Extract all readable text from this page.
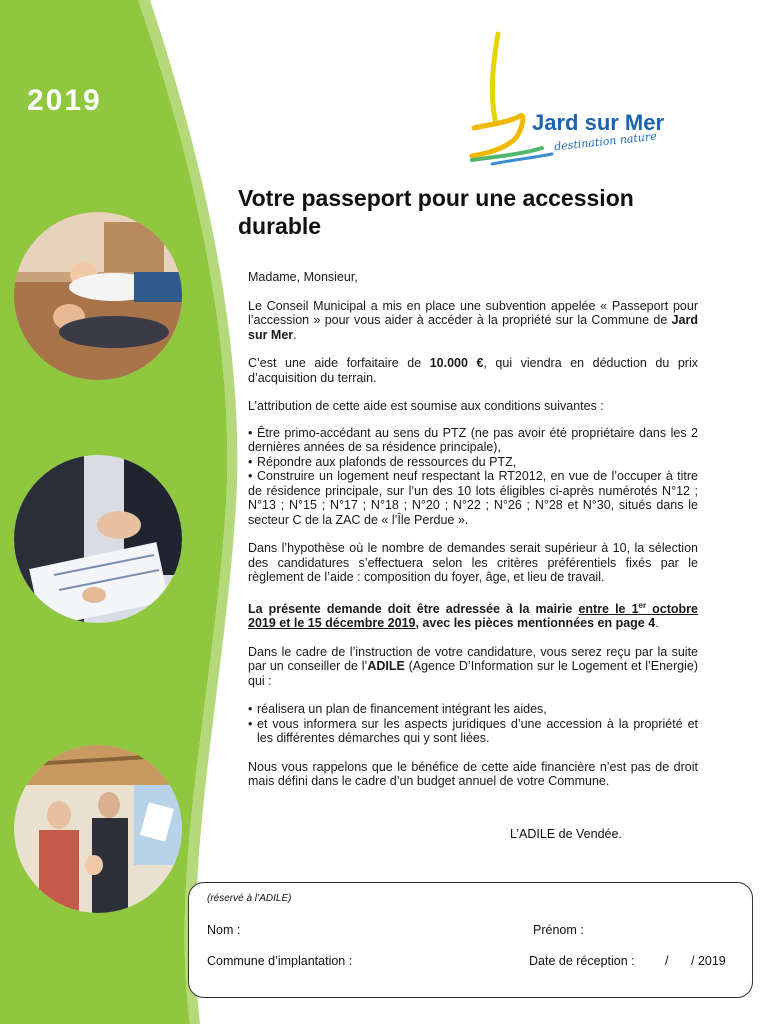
2019
Jard sur Mer
destination nature
Votre passeport pour une accession durable

Madame, Monsieur,

Le Conseil Municipal a mis en place une subvention appelée « Passeport pour l’accession » pour vous aider à accéder à la propriété sur la Commune de Jard sur Mer.

C’est une aide forfaitaire de 10.000 €, qui viendra en déduction du prix d’acquisition du terrain.

L’attribution de cette aide est soumise aux conditions suivantes :

• Être primo-accédant au sens du PTZ (ne pas avoir été propriétaire dans les 2 dernières années de sa résidence principale),
• Répondre aux plafonds de ressources du PTZ,
• Construire un logement neuf respectant la RT2012, en vue de l’occuper à titre de résidence principale, sur l’un des 10 lots éligibles ci-après numérotés N°12 ; N°13 ; N°15 ; N°17 ; N°18 ; N°20 ; N°22 ; N°26 ; N°28 et N°30, situés dans le secteur C de la ZAC de « l’Île Perdue ».

Dans l’hypothèse où le nombre de demandes serait supérieur à 10, la sélection des candidatures s’effectuera selon les critères préférentiels fixés par le règlement de l’aide : composition du foyer, âge, et lieu de travail.

La présente demande doit être adressée à la mairie entre le 1er octobre 2019 et le 15 décembre 2019, avec les pièces mentionnées en page 4.

Dans le cadre de l’instruction de votre candidature, vous serez reçu par la suite par un conseiller de l’ADILE (Agence D’Information sur le Logement et l’Energie) qui :

• réalisera un plan de financement intégrant les aides,
• et vous informera sur les aspects juridiques d’une accession à la propriété et les différentes démarches qui y sont liées.

Nous vous rappelons que le bénéfice de cette aide financière n’est pas de droit mais défini dans le cadre d’un budget annuel de votre Commune.

L’ADILE de Vendée.
(réservé à l’ADILE)
Nom :	Prénom :
Commune d’implantation :	Date de réception : / / 2019
